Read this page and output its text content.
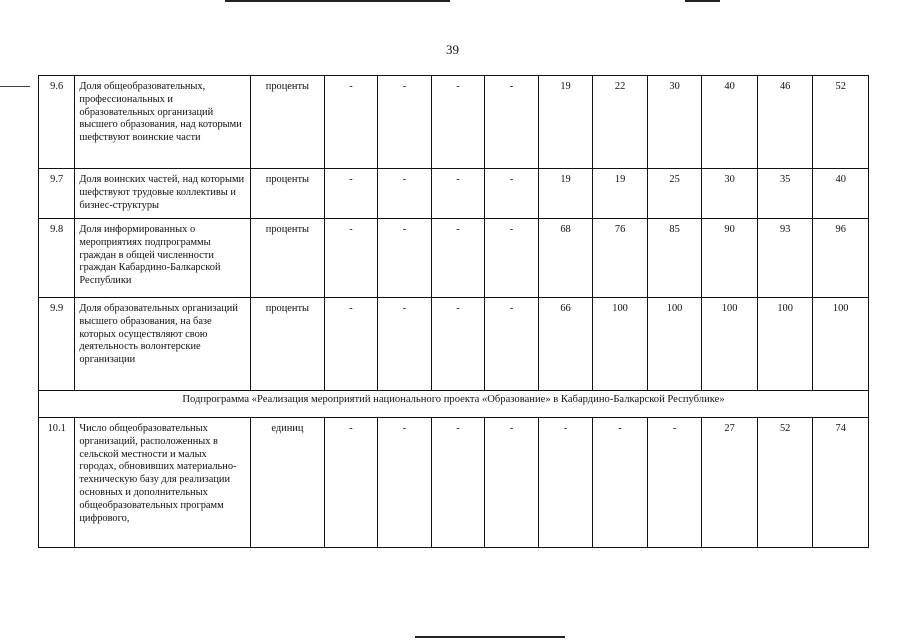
39
9.6	Доля общеобразовательных, профессиональных и образовательных организаций высшего образования, над которыми шефствуют воинские части	проценты	-	-	-	-	19	22	30	40	46	52
9.7	Доля воинских частей, над которыми шефствуют трудовые коллективы и бизнес-структуры	проценты	-	-	-	-	19	19	25	30	35	40
9.8	Доля информированных о мероприятиях подпрограммы граждан в общей численности граждан Кабардино-Балкарской Республики	проценты	-	-	-	-	68	76	85	90	93	96
9.9	Доля образовательных организаций высшего образования, на базе которых осуществляют свою деятельность волонтерские организации	проценты	-	-	-	-	66	100	100	100	100	100
Подпрограмма «Реализация мероприятий национального проекта «Образование» в Кабардино-Балкарской Республике»												
10.1	Число общеобразовательных организаций, расположенных в сельской местности и малых городах, обновивших материально-техническую базу для реализации основных и дополнительных общеобразовательных программ цифрового,	единиц	-	-	-	-	-	-	-	27	52	74
